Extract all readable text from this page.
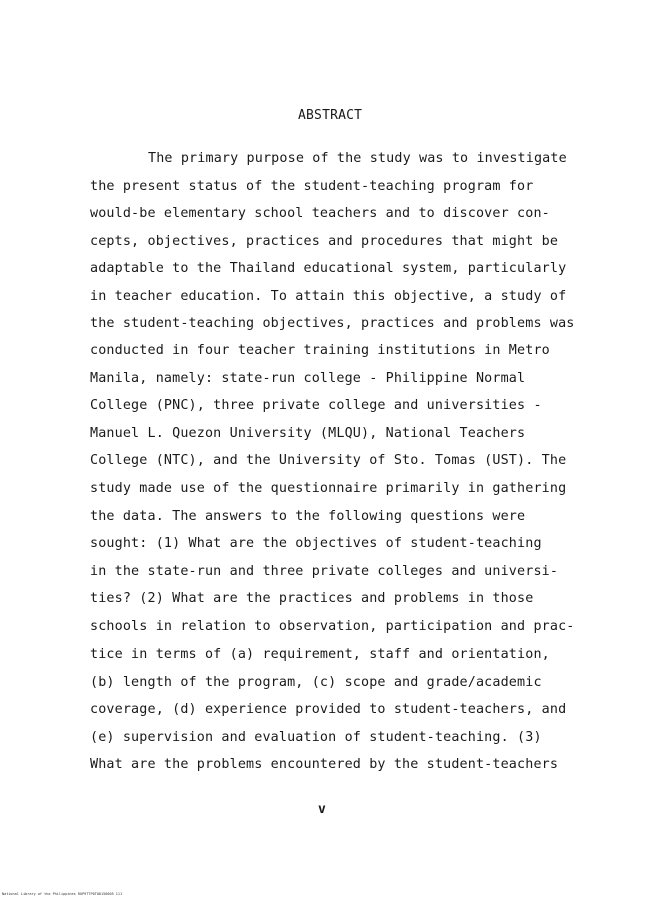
ABSTRACT
The primary purpose of the study was to investigate
the present status of the student-teaching program for
would-be elementary school teachers and to discover con-
cepts, objectives, practices and procedures that might be
adaptable to the Thailand educational system, particularly
in teacher education. To attain this objective, a study of
the student-teaching objectives, practices and problems was
conducted in four teacher training institutions in Metro
Manila, namely: state-run college - Philippine Normal
College (PNC), three private college and universities -
Manuel L. Quezon University (MLQU), National Teachers
College (NTC), and the University of Sto. Tomas (UST). The
study made use of the questionnaire primarily in gathering
the data. The answers to the following questions were
sought: (1) What are the objectives of student-teaching
in the state-run and three private colleges and universi-
ties? (2) What are the practices and problems in those
schools in relation to observation, participation and prac-
tice in terms of (a) requirement, staff and orientation,
(b) length of the program, (c) scope and grade/academic
coverage, (d) experience provided to student-teachers, and
(e) supervision and evaluation of student-teaching. (3)
What are the problems encountered by the student-teachers
v
National Library of the Philippines RUP9TTP0T00150005 111
